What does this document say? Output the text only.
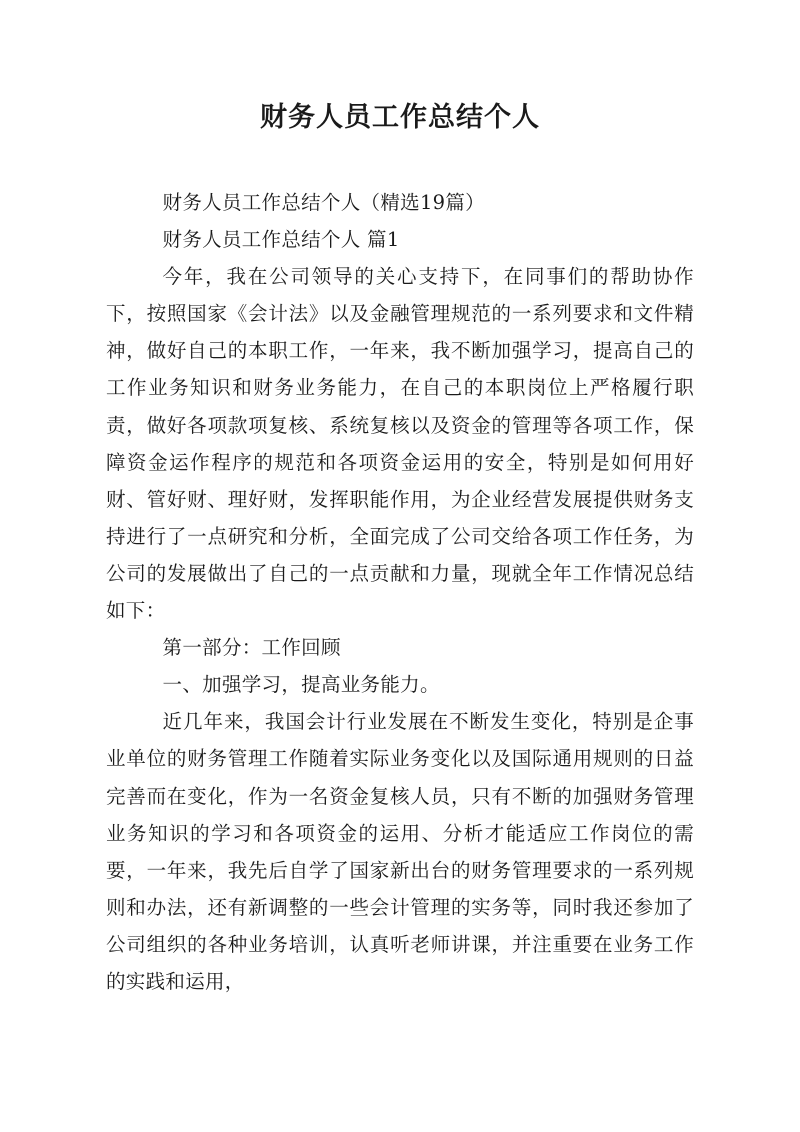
财务人员工作总结个人

财务人员工作总结个人（精选19篇）

财务人员工作总结个人 篇1

今年，我在公司领导的关心支持下，在同事们的帮助协作下，按照国家《会计法》以及金融管理规范的一系列要求和文件精神，做好自己的本职工作，一年来，我不断加强学习，提高自己的工作业务知识和财务业务能力，在自己的本职岗位上严格履行职责，做好各项款项复核、系统复核以及资金的管理等各项工作，保障资金运作程序的规范和各项资金运用的安全，特别是如何用好财、管好财、理好财，发挥职能作用，为企业经营发展提供财务支持进行了一点研究和分析，全面完成了公司交给各项工作任务，为公司的发展做出了自己的一点贡献和力量，现就全年工作情况总结如下：

第一部分：工作回顾

一、加强学习，提高业务能力。

近几年来，我国会计行业发展在不断发生变化，特别是企事业单位的财务管理工作随着实际业务变化以及国际通用规则的日益完善而在变化，作为一名资金复核人员，只有不断的加强财务管理业务知识的学习和各项资金的运用、分析才能适应工作岗位的需要，一年来，我先后自学了国家新出台的财务管理要求的一系列规则和办法，还有新调整的一些会计管理的实务等，同时我还参加了公司组织的各种业务培训，认真听老师讲课，并注重要在业务工作的实践和运用，
